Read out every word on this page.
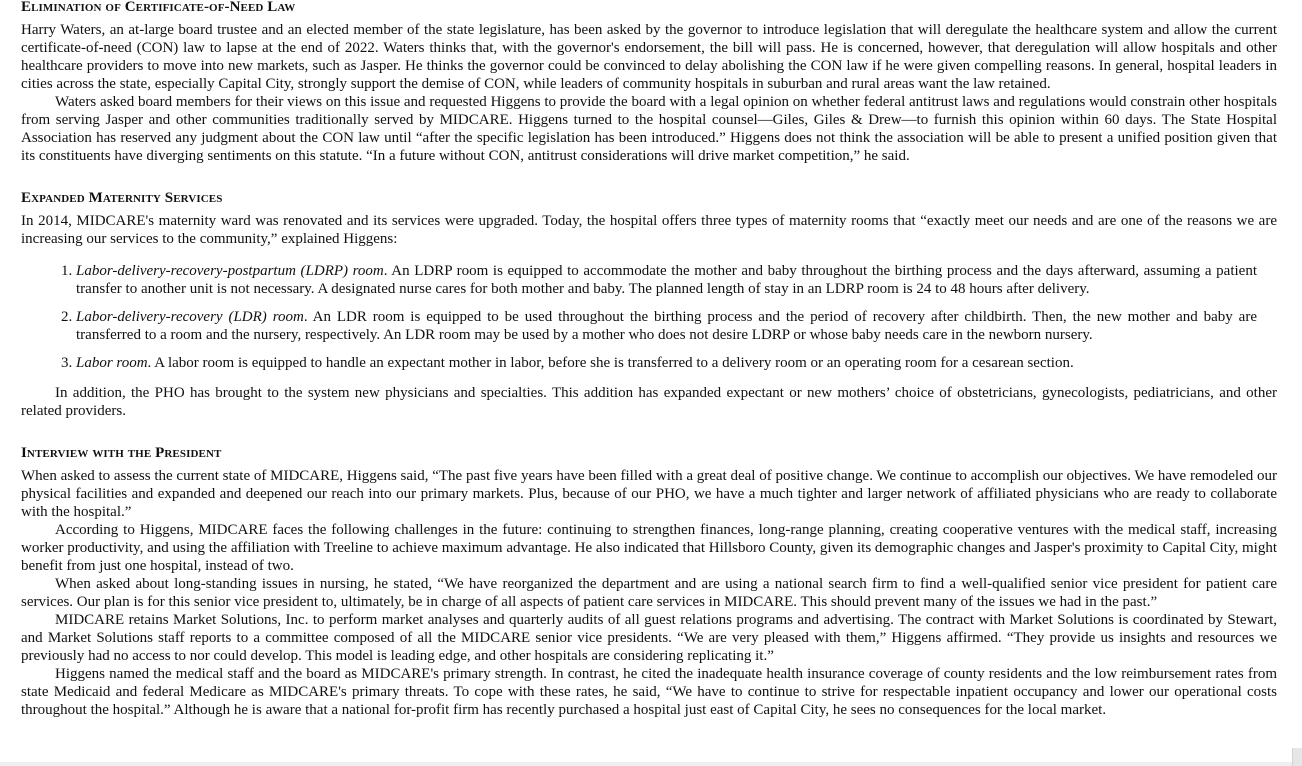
Elimination of Certificate-of-Need Law

Harry Waters, an at-large board trustee and an elected member of the state legislature, has been asked by the governor to introduce legislation that will deregulate the healthcare system and allow the current certificate-of-need (CON) law to lapse at the end of 2022. Waters thinks that, with the governor's endorsement, the bill will pass. He is concerned, however, that deregulation will allow hospitals and other healthcare providers to move into new markets, such as Jasper. He thinks the governor could be convinced to delay abolishing the CON law if he were given compelling reasons. In general, hospital leaders in cities across the state, especially Capital City, strongly support the demise of CON, while leaders of community hospitals in suburban and rural areas want the law retained.

Waters asked board members for their views on this issue and requested Higgens to provide the board with a legal opinion on whether federal antitrust laws and regulations would constrain other hospitals from serving Jasper and other communities traditionally served by MIDCARE. Higgens turned to the hospital counsel—Giles, Giles & Drew—to furnish this opinion within 60 days. The State Hospital Association has reserved any judgment about the CON law until “after the specific legislation has been introduced.” Higgens does not think the association will be able to present a unified position given that its constituents have diverging sentiments on this statute. “In a future without CON, antitrust considerations will drive market competition,” he said.

Expanded Maternity Services

In 2014, MIDCARE's maternity ward was renovated and its services were upgraded. Today, the hospital offers three types of maternity rooms that “exactly meet our needs and are one of the reasons we are increasing our services to the community,” explained Higgens:

1. Labor-delivery-recovery-postpartum (LDRP) room. An LDRP room is equipped to accommodate the mother and baby throughout the birthing process and the days afterward, assuming a patient transfer to another unit is not necessary. A designated nurse cares for both mother and baby. The planned length of stay in an LDRP room is 24 to 48 hours after delivery.
2. Labor-delivery-recovery (LDR) room. An LDR room is equipped to be used throughout the birthing process and the period of recovery after childbirth. Then, the new mother and baby are transferred to a room and the nursery, respectively. An LDR room may be used by a mother who does not desire LDRP or whose baby needs care in the newborn nursery.
3. Labor room. A labor room is equipped to handle an expectant mother in labor, before she is transferred to a delivery room or an operating room for a cesarean section.

In addition, the PHO has brought to the system new physicians and specialties. This addition has expanded expectant or new mothers’ choice of obstetricians, gynecologists, pediatricians, and other related providers.

Interview with the President

When asked to assess the current state of MIDCARE, Higgens said, “The past five years have been filled with a great deal of positive change. We continue to accomplish our objectives. We have remodeled our physical facilities and expanded and deepened our reach into our primary markets. Plus, because of our PHO, we have a much tighter and larger network of affiliated physicians who are ready to collaborate with the hospital.”

According to Higgens, MIDCARE faces the following challenges in the future: continuing to strengthen finances, long-range planning, creating cooperative ventures with the medical staff, increasing worker productivity, and using the affiliation with Treeline to achieve maximum advantage. He also indicated that Hillsboro County, given its demographic changes and Jasper's proximity to Capital City, might benefit from just one hospital, instead of two.

When asked about long-standing issues in nursing, he stated, “We have reorganized the department and are using a national search firm to find a well-qualified senior vice president for patient care services. Our plan is for this senior vice president to, ultimately, be in charge of all aspects of patient care services in MIDCARE. This should prevent many of the issues we had in the past.”

MIDCARE retains Market Solutions, Inc. to perform market analyses and quarterly audits of all guest relations programs and advertising. The contract with Market Solutions is coordinated by Stewart, and Market Solutions staff reports to a committee composed of all the MIDCARE senior vice presidents. “We are very pleased with them,” Higgens affirmed. “They provide us insights and resources we previously had no access to nor could develop. This model is leading edge, and other hospitals are considering replicating it.”

Higgens named the medical staff and the board as MIDCARE's primary strength. In contrast, he cited the inadequate health insurance coverage of county residents and the low reimbursement rates from state Medicaid and federal Medicare as MIDCARE's primary threats. To cope with these rates, he said, “We have to continue to strive for respectable inpatient occupancy and lower our operational costs throughout the hospital.” Although he is aware that a national for-profit firm has recently purchased a hospital just east of Capital City, he sees no consequences for the local market.
